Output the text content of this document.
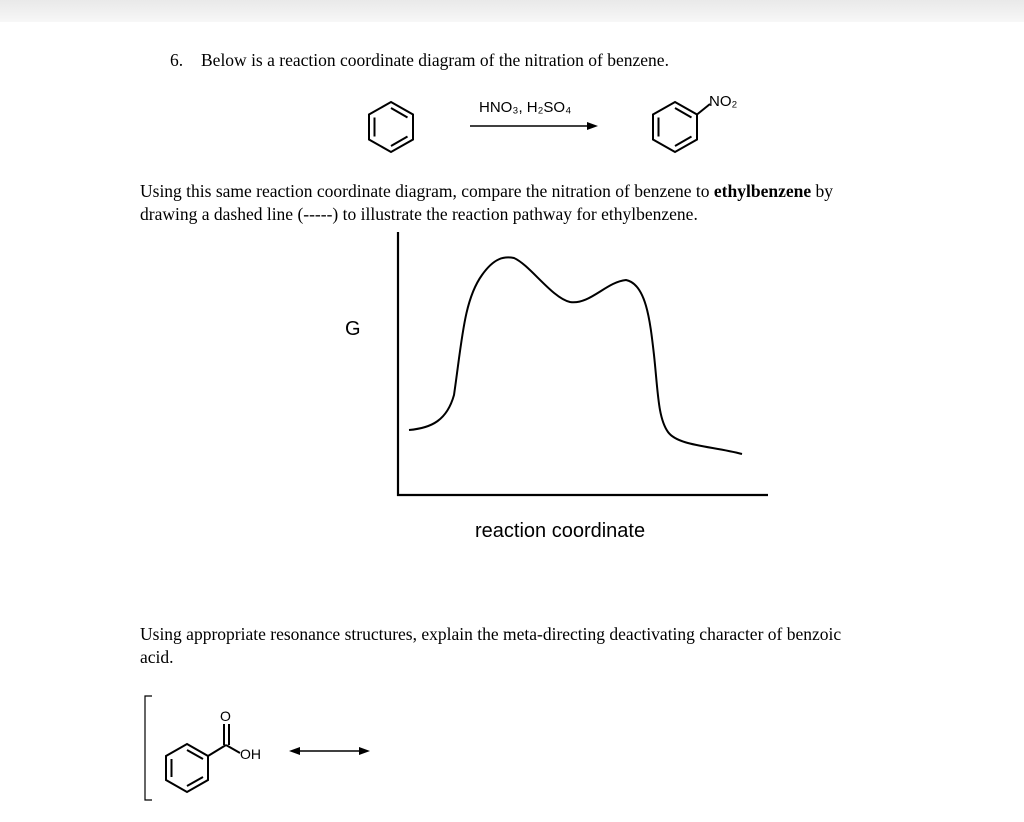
6. Below is a reaction coordinate diagram of the nitration of benzene.
HNO₃, H₂SO₄	NO₂
Using this same reaction coordinate diagram, compare the nitration of benzene to ethylbenzene by
drawing a dashed line (-----) to illustrate the reaction pathway for ethylbenzene.
G
reaction coordinate
Using appropriate resonance structures, explain the meta-directing deactivating character of benzoic
acid.
O
OH
